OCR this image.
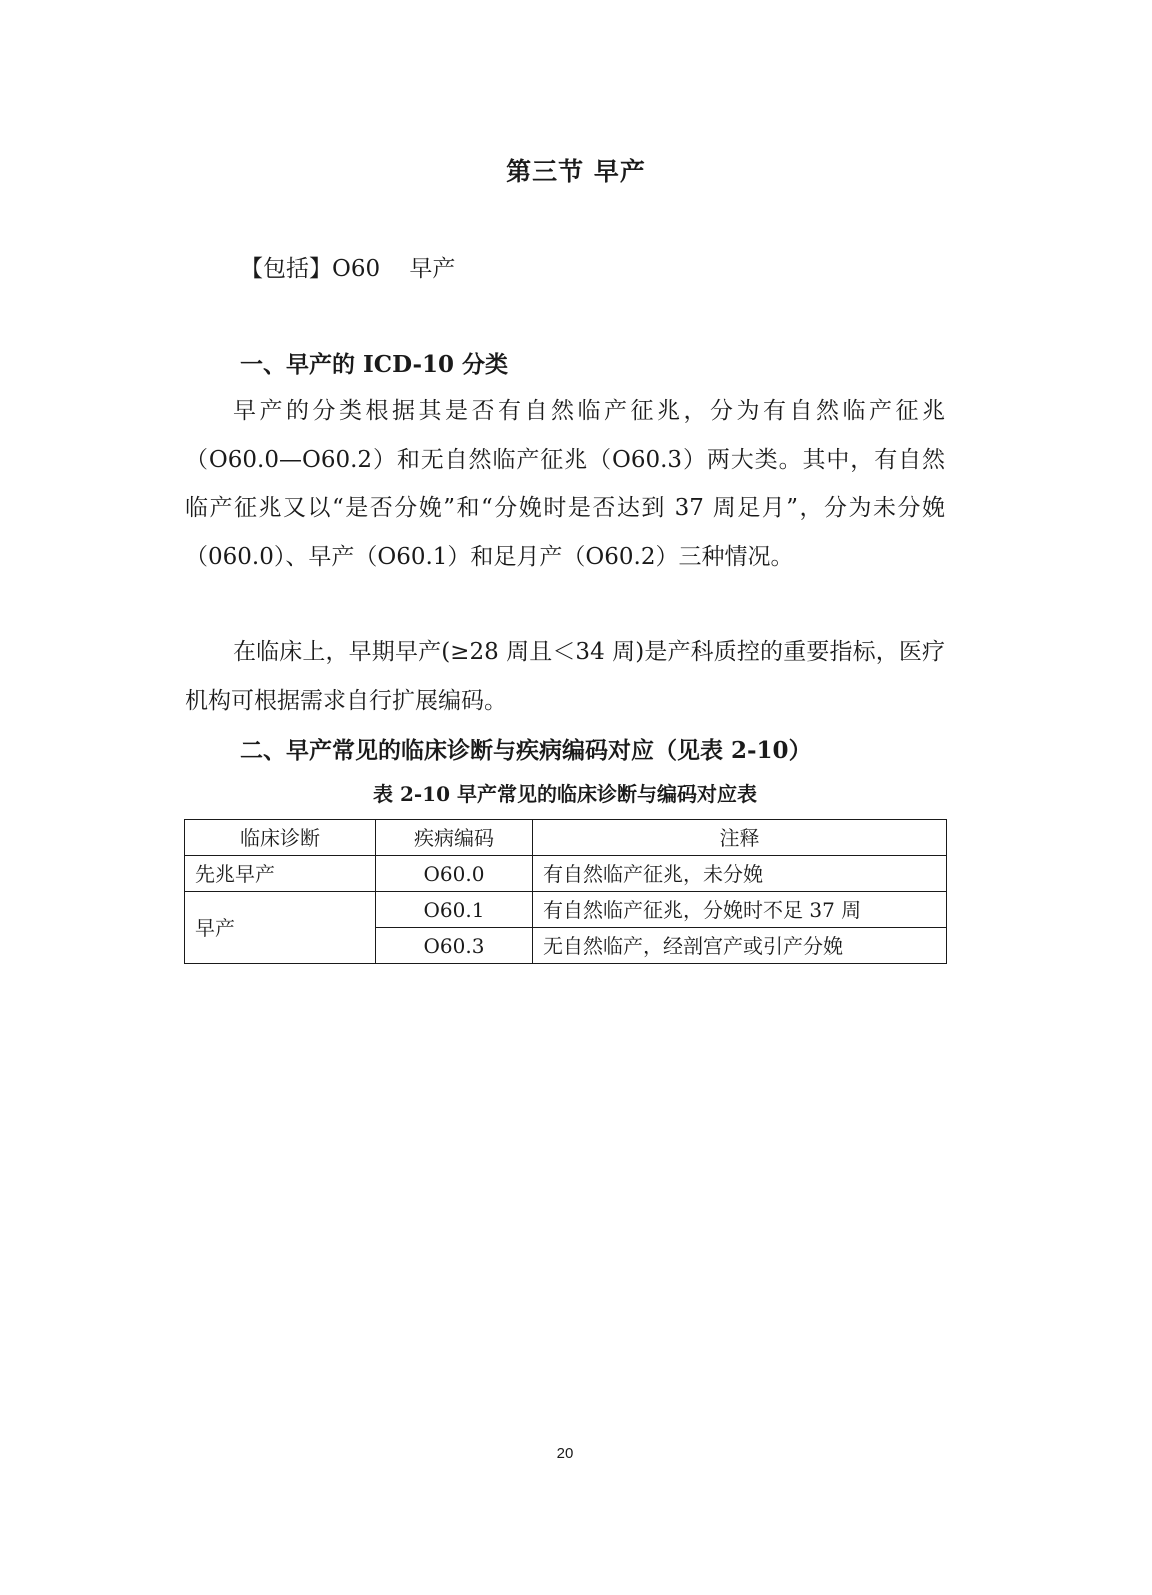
第三节 早产
【包括】O60    早产
一、早产的 ICD-10 分类
早产的分类根据其是否有自然临产征兆，分为有自然临产征兆（O60.0—O60.2）和无自然临产征兆（O60.3）两大类。其中，有自然临产征兆又以“是否分娩”和“分娩时是否达到 37 周足月”，分为未分娩（060.0）、早产（O60.1）和足月产（O60.2）三种情况。
在临床上，早期早产(≥28 周且＜34 周)是产科质控的重要指标，医疗机构可根据需求自行扩展编码。
二、早产常见的临床诊断与疾病编码对应（见表 2-10）
表 2-10 早产常见的临床诊断与编码对应表
临床诊断	疾病编码	注释
先兆早产	O60.0	有自然临产征兆，未分娩
早产	O60.1	有自然临产征兆，分娩时不足 37 周
	O60.3	无自然临产，经剖宫产或引产分娩
20
